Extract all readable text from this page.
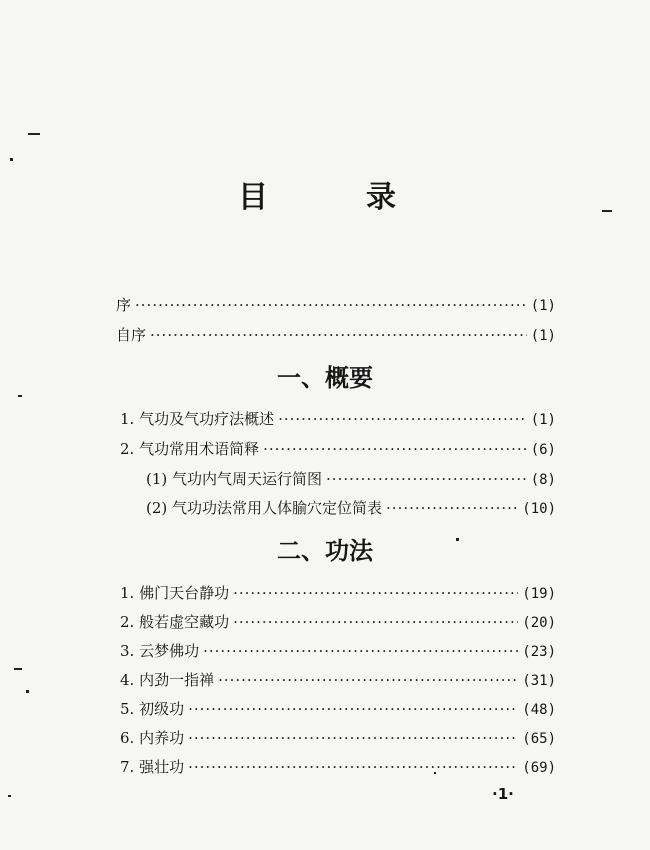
目	录
序 ·····	(1)
自序 ·····	(1)
一、概要
1. 气功及气功疗法概述 ·····	(1)
2. 气功常用术语简释 ·····	(6)
(1) 气功内气周天运行简图 ·····	(8)
(2) 气功功法常用人体腧穴定位简表 ·····	(10)
二、功法
1. 佛门天台静功 ·····	(19)
2. 般若虚空藏功 ·····	(20)
3. 云梦佛功 ·····	(23)
4. 内劲一指禅 ·····	(31)
5. 初级功 ·····	(48)
6. 内养功 ·····	(65)
7. 强壮功 ·····	(69)
·1·
